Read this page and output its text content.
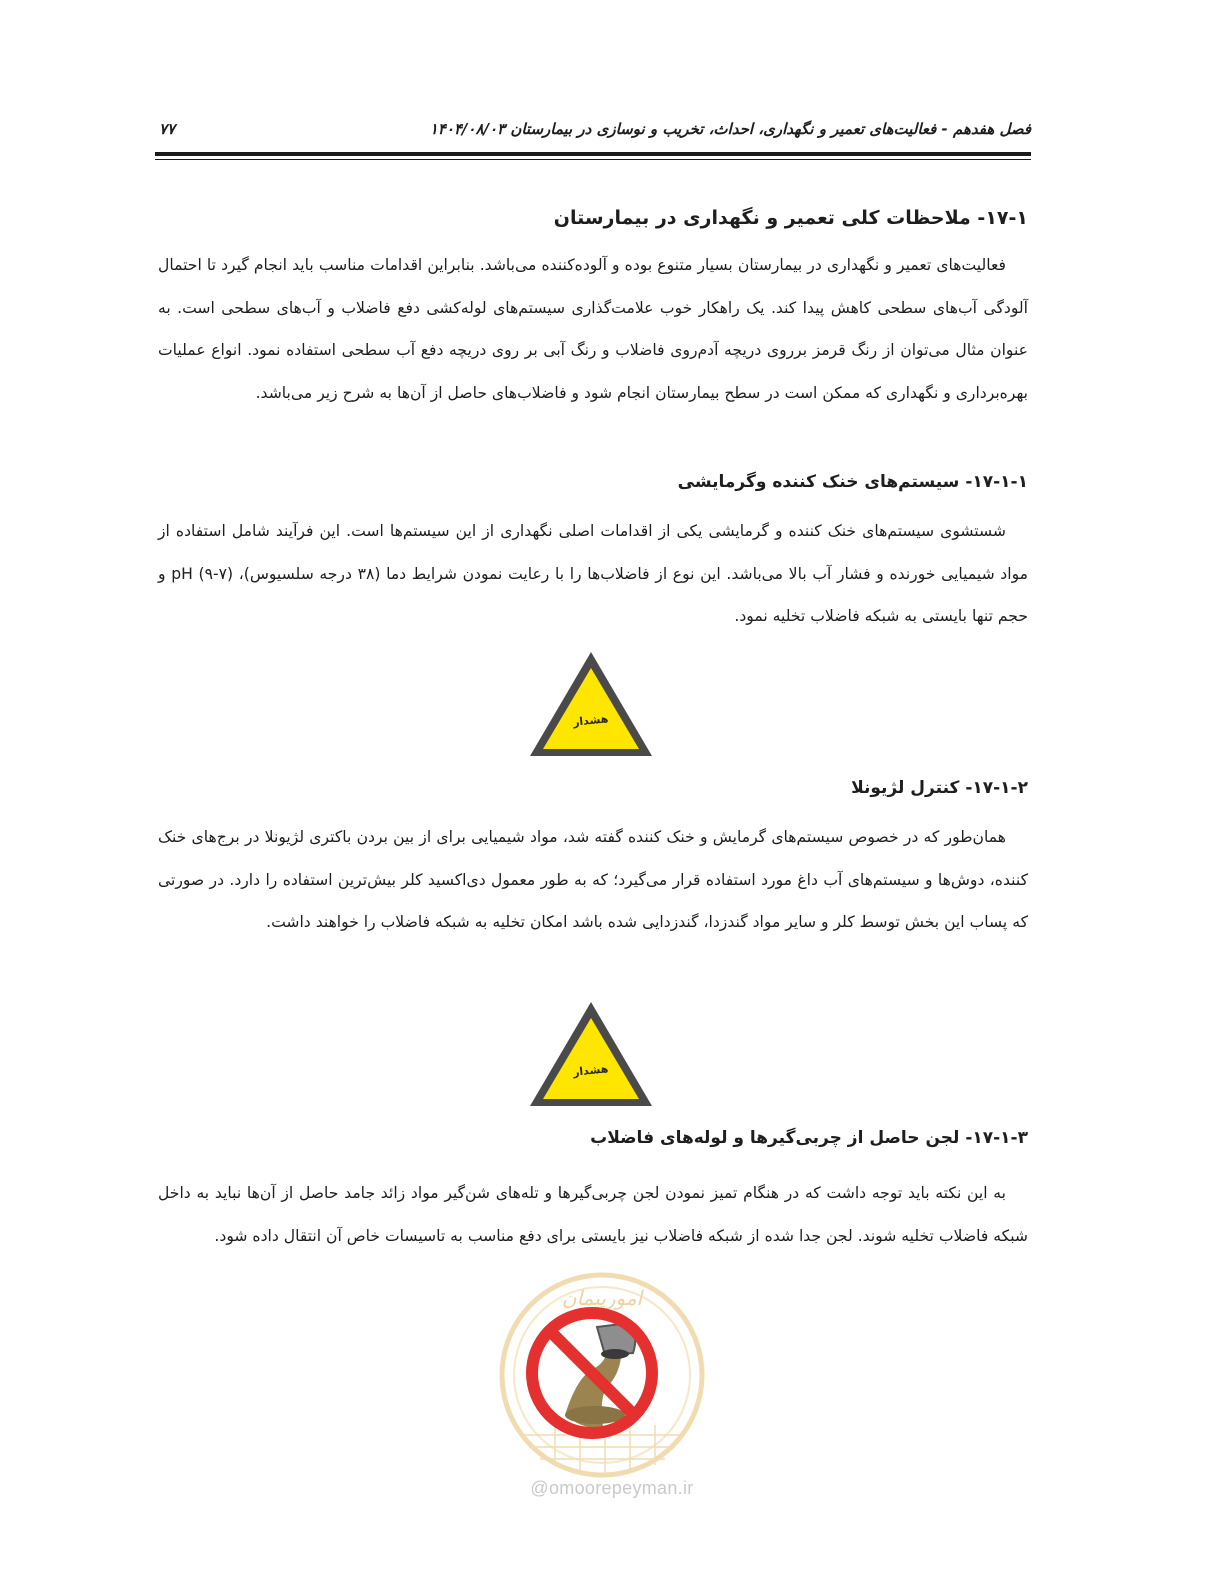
فصل هفدهم - فعالیت‌های تعمیر و نگهداری، احداث، تخریب و نوسازی در بیمارستان ۱۴۰۴/۰۸/۰۳
۷۷
۱۷-۱- ملاحظات کلی تعمیر و نگهداری در بیمارستان
فعالیت‌های تعمیر و نگهداری در بیمارستان بسیار متنوع بوده و آلوده‌کننده می‌باشد. بنابراین اقدامات مناسب باید انجام گیرد تا احتمال آلودگی آب‌های سطحی کاهش پیدا کند. یک راهکار خوب علامت‌گذاری سیستم‌های لوله‌کشی دفع فاضلاب و آب‌های سطحی است. به عنوان مثال می‌توان از رنگ قرمز برروی دریچه آدم‌روی فاضلاب و رنگ آبی بر روی دریچه دفع آب سطحی استفاده نمود. انواع عملیات بهره‌برداری و نگهداری که ممکن است در سطح بیمارستان انجام شود و فاضلاب‌های حاصل از آن‌ها به شرح زیر می‌باشد.
۱۷-۱-۱- سیستم‌های خنک کننده وگرمایشی
شستشوی سیستم‌های خنک کننده و گرمایشی یکی از اقدامات اصلی نگهداری از این سیستم‌ها است. این فرآیند شامل استفاده از مواد شیمیایی خورنده و فشار آب بالا می‌باشد. این نوع از فاضلاب‌ها را با رعایت نمودن شرایط دما (۳۸ درجه سلسیوس)، pH (۹-۷) و حجم تنها بایستی به شبکه فاضلاب تخلیه نمود.
هشدار
۱۷-۱-۲- کنترل لژیونلا
همان‌طور که در خصوص سیستم‌های گرمایش و خنک کننده گفته شد، مواد شیمیایی برای از بین بردن باکتری لژیونلا در برج‌های خنک کننده، دوش‌ها و سیستم‌های آب داغ مورد استفاده قرار می‌گیرد؛ که به طور معمول دی‌اکسید کلر بیش‌ترین استفاده را دارد. در صورتی که پساب این بخش توسط کلر و سایر مواد گندزدا، گندزدایی شده باشد امکان تخلیه به شبکه فاضلاب را خواهند داشت.
هشدار
۱۷-۱-۳- لجن حاصل از چربی‌گیرها و لوله‌های فاضلاب
به این نکته باید توجه داشت که در هنگام تمیز نمودن لجن چربی‌گیرها و تله‌های شن‌گیر مواد زائد جامد حاصل از آن‌ها نباید به داخل شبکه فاضلاب تخلیه شوند. لجن جدا شده از شبکه فاضلاب نیز بایستی برای دفع مناسب به تاسیسات خاص آن انتقال داده شود.
امورپیمان
@omoorepeyman.ir
